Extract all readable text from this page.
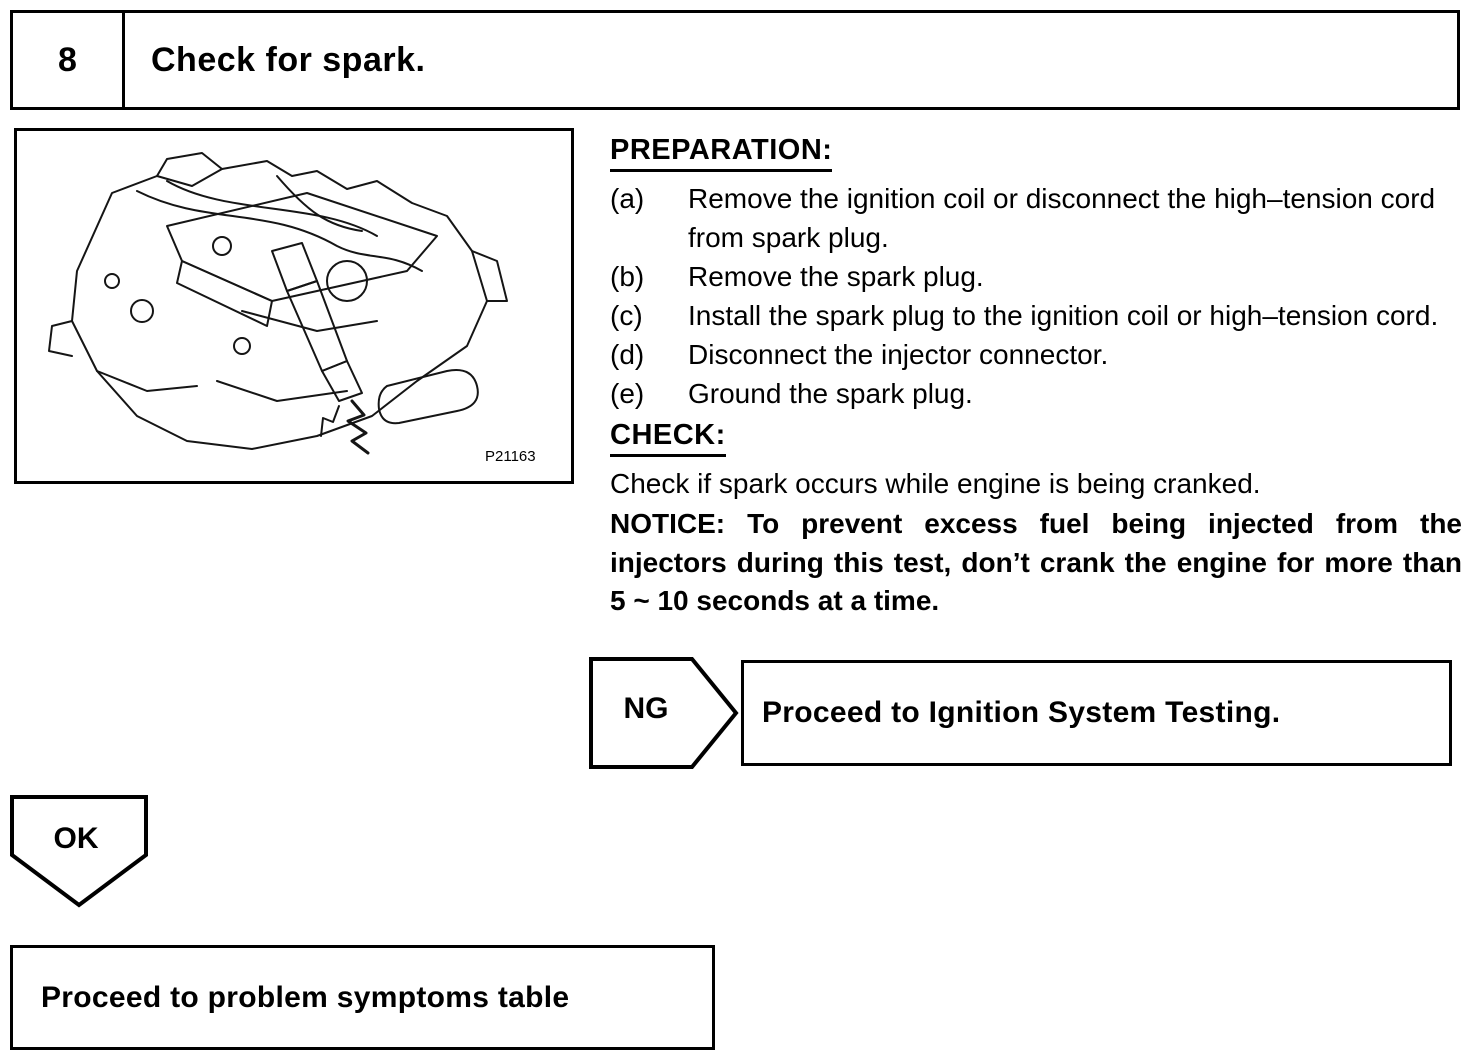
8	Check for spark.
P21163
PREPARATION:
(a)	Remove the ignition coil or disconnect the high–tension cord from spark plug.
(b)	Remove the spark plug.
(c)	Install the spark plug to the ignition coil or high–tension cord.
(d)	Disconnect the injector connector.
(e)	Ground the spark plug.
CHECK:
Check if spark occurs while engine is being cranked.
NOTICE: To prevent excess fuel being injected from the injectors during this test, don’t crank the engine for more than 5 ~ 10 seconds at a time.
NG	Proceed to Ignition System Testing.
OK
Proceed to problem symptoms table
